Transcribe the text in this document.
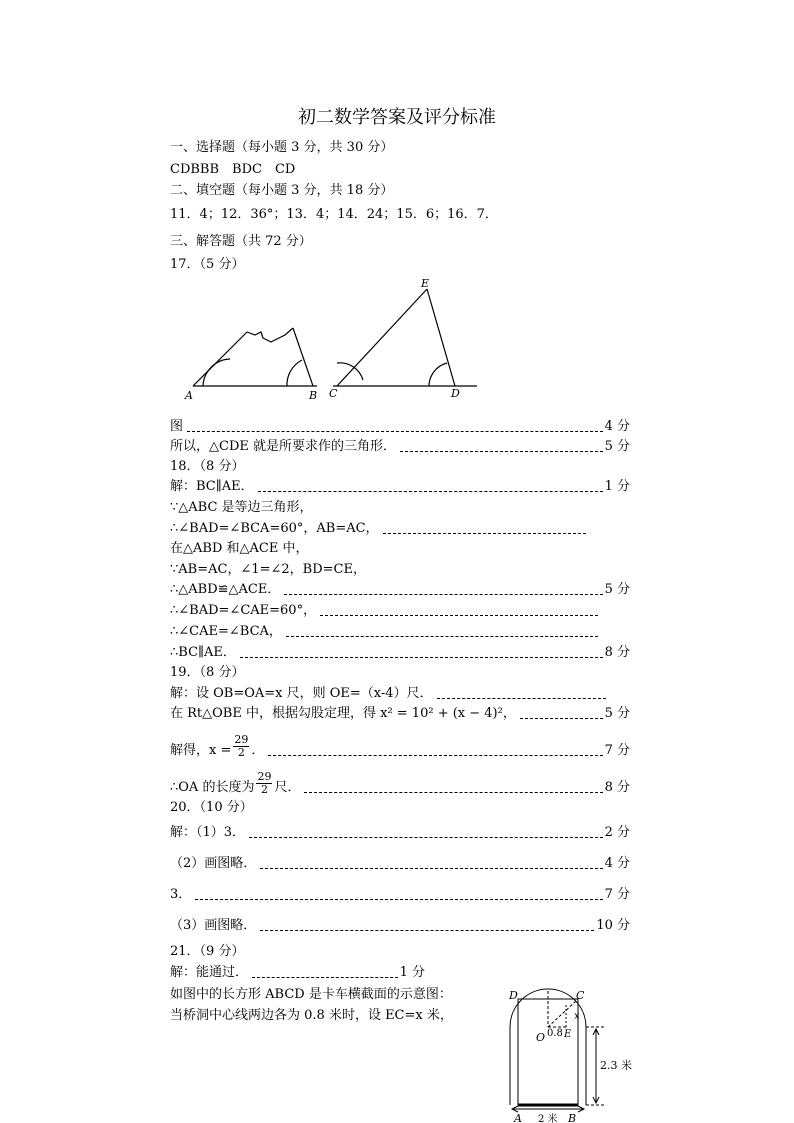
初二数学答案及评分标准
一、选择题（每小题 3 分，共 30 分）
CDBBB　BDC　CD
二、填空题（每小题 3 分，共 18 分）
11．4；12．36°；13．4；14．24；15．6；16．7．
三、解答题（共 72 分）
17．（5 分）
A	B C	D
E
图	4 分
所以，△CDE 就是所要求作的三角形．	5 分
18．（8 分）
解：BC∥AE．	1 分
∵△ABC 是等边三角形，
∴∠BAD=∠BCA=60°，AB=AC，
在△ABD 和△ACE 中，
∵AB=AC，∠1=∠2，BD=CE，
∴△ABD≌△ACE．	5 分
∴∠BAD=∠CAE=60°，
∴∠CAE=∠BCA，
∴BC∥AE．	8 分
19．（8 分）
解：设 OB=OA=x 尺，则 OE=（x-4）尺．
在 Rt△OBE 中，根据勾股定理，得 x² = 10² + (x − 4)²，	5 分
解得，$x = \frac{29}{2}$ ．	7 分
∴OA 的长度为 $\frac{29}{2}$ 尺．	8 分
20．（10 分）
解：（1）3．	2 分
（2）画图略．	4 分
3．	7 分
（3）画图略．	10 分
21．（9 分）
解：能通过．	1 分
如图中的长方形 ABCD 是卡车横截面的示意图：
当桥洞中心线两边各为 0.8 米时，设 EC=x 米，
D	C
x
O 0.8 E
2.3 米
A 2 米 B
